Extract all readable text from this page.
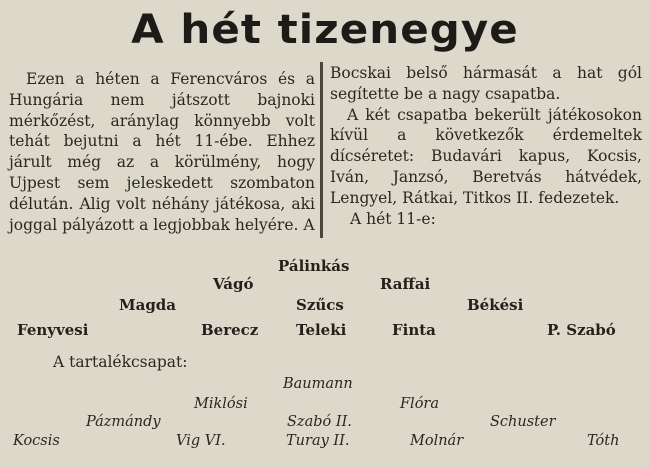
A hét tizenegye

Ezen a héten a Ferencváros és a Hungária nem játszott bajnoki mérkőzést, aránylag könnyebb volt tehát bejutni a hét 11-ébe. Ehhez járult még az a körülmény, hogy Ujpest sem jeleskedett szombaton délután. Alig volt néhány játékosa, aki joggal pályázott a legjobbak helyére. A

Bocskai belső hármasát a hat gól segítette be a nagy csapatba.

A két csapatba bekerült játékosokon kívül a következők érdemeltek dícséretet: Budavári kapus, Kocsis, Iván, Janzsó, Beretvás hátvédek, Lengyel, Rátkai, Titkos II. fedezetek.

A hét 11-e:

Pálinkás
Vágó	Raffai
Magda	Szűcs	Békési
Fenyvesi	Berecz	Teleki	Finta	P. Szabó
A tartalékcsapat:
Baumann
Miklósi	Flóra
Pázmándy	Szabó II.	Schuster
Kocsis	Vig VI.	Turay II.	Molnár	Tóth
